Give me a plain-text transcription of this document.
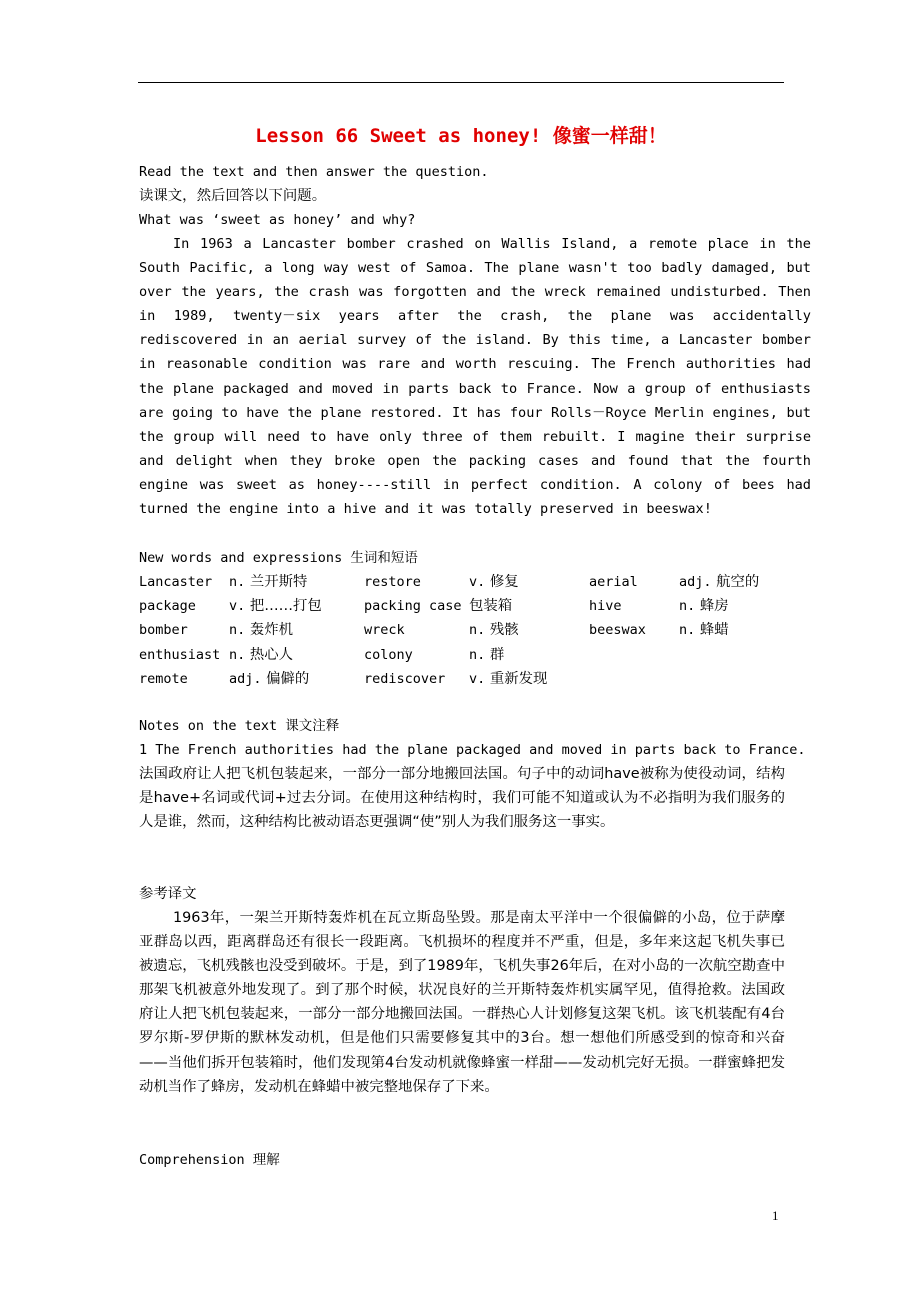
Lesson 66 Sweet as honey! 像蜜一样甜！
Read the text and then answer the question.
读课文，然后回答以下问题。
What was ‘sweet as honey’ and why?
In 1963 a Lancaster bomber crashed on Wallis Island, a remote place in the South Pacific, a long way west of Samoa. The plane wasn't too badly damaged, but over the years, the crash was forgotten and the wreck remained undisturbed. Then in 1989, twenty－six years after the crash, the plane was accidentally rediscovered in an aerial survey of the island. By this time, a Lancaster bomber in reasonable condition was rare and worth rescuing. The French authorities had the plane packaged and moved in parts back to France. Now a group of enthusiasts are going to have the plane restored. It has four Rolls－Royce Merlin engines, but the group will need to have only three of them rebuilt. I magine their surprise and delight when they broke open the packing cases and found that the fourth engine was sweet as honey----still in perfect condition. A colony of bees had turned the engine into a hive and it was totally preserved in beeswax!
New words and expressions 生词和短语
Lancaster n. 兰开斯特	restore	v. 修复	aerial	adj. 航空的
package v. 把……打包	packing case 包装箱	hive	n. 蜂房
bomber	n. 轰炸机	wreck	n. 残骸	beeswax n. 蜂蜡
enthusiast n. 热心人	colony	n. 群
remote	adj. 偏僻的	rediscover v. 重新发现
Notes on the text 课文注释
1 The French authorities had the plane packaged and moved in parts back to France.
法国政府让人把飞机包装起来，一部分一部分地搬回法国。句子中的动词have被称为使役动词，结构是have+名词或代词+过去分词。在使用这种结构时，我们可能不知道或认为不必指明为我们服务的人是谁，然而，这种结构比被动语态更强调“使”别人为我们服务这一事实。
参考译文
1963年，一架兰开斯特轰炸机在瓦立斯岛坠毁。那是南太平洋中一个很偏僻的小岛，位于萨摩亚群岛以西，距离群岛还有很长一段距离。飞机损坏的程度并不严重，但是，多年来这起飞机失事已被遗忘，飞机残骸也没受到破坏。于是，到了1989年，飞机失事26年后，在对小岛的一次航空勘查中那架飞机被意外地发现了。到了那个时候，状况良好的兰开斯特轰炸机实属罕见，值得抢救。法国政府让人把飞机包装起来，一部分一部分地搬回法国。一群热心人计划修复这架飞机。该飞机装配有4台罗尔斯-罗伊斯的默林发动机，但是他们只需要修复其中的3台。想一想他们所感受到的惊奇和兴奋——当他们拆开包装箱时，他们发现第4台发动机就像蜂蜜一样甜——发动机完好无损。一群蜜蜂把发动机当作了蜂房，发动机在蜂蜡中被完整地保存了下来。
Comprehension 理解
1
